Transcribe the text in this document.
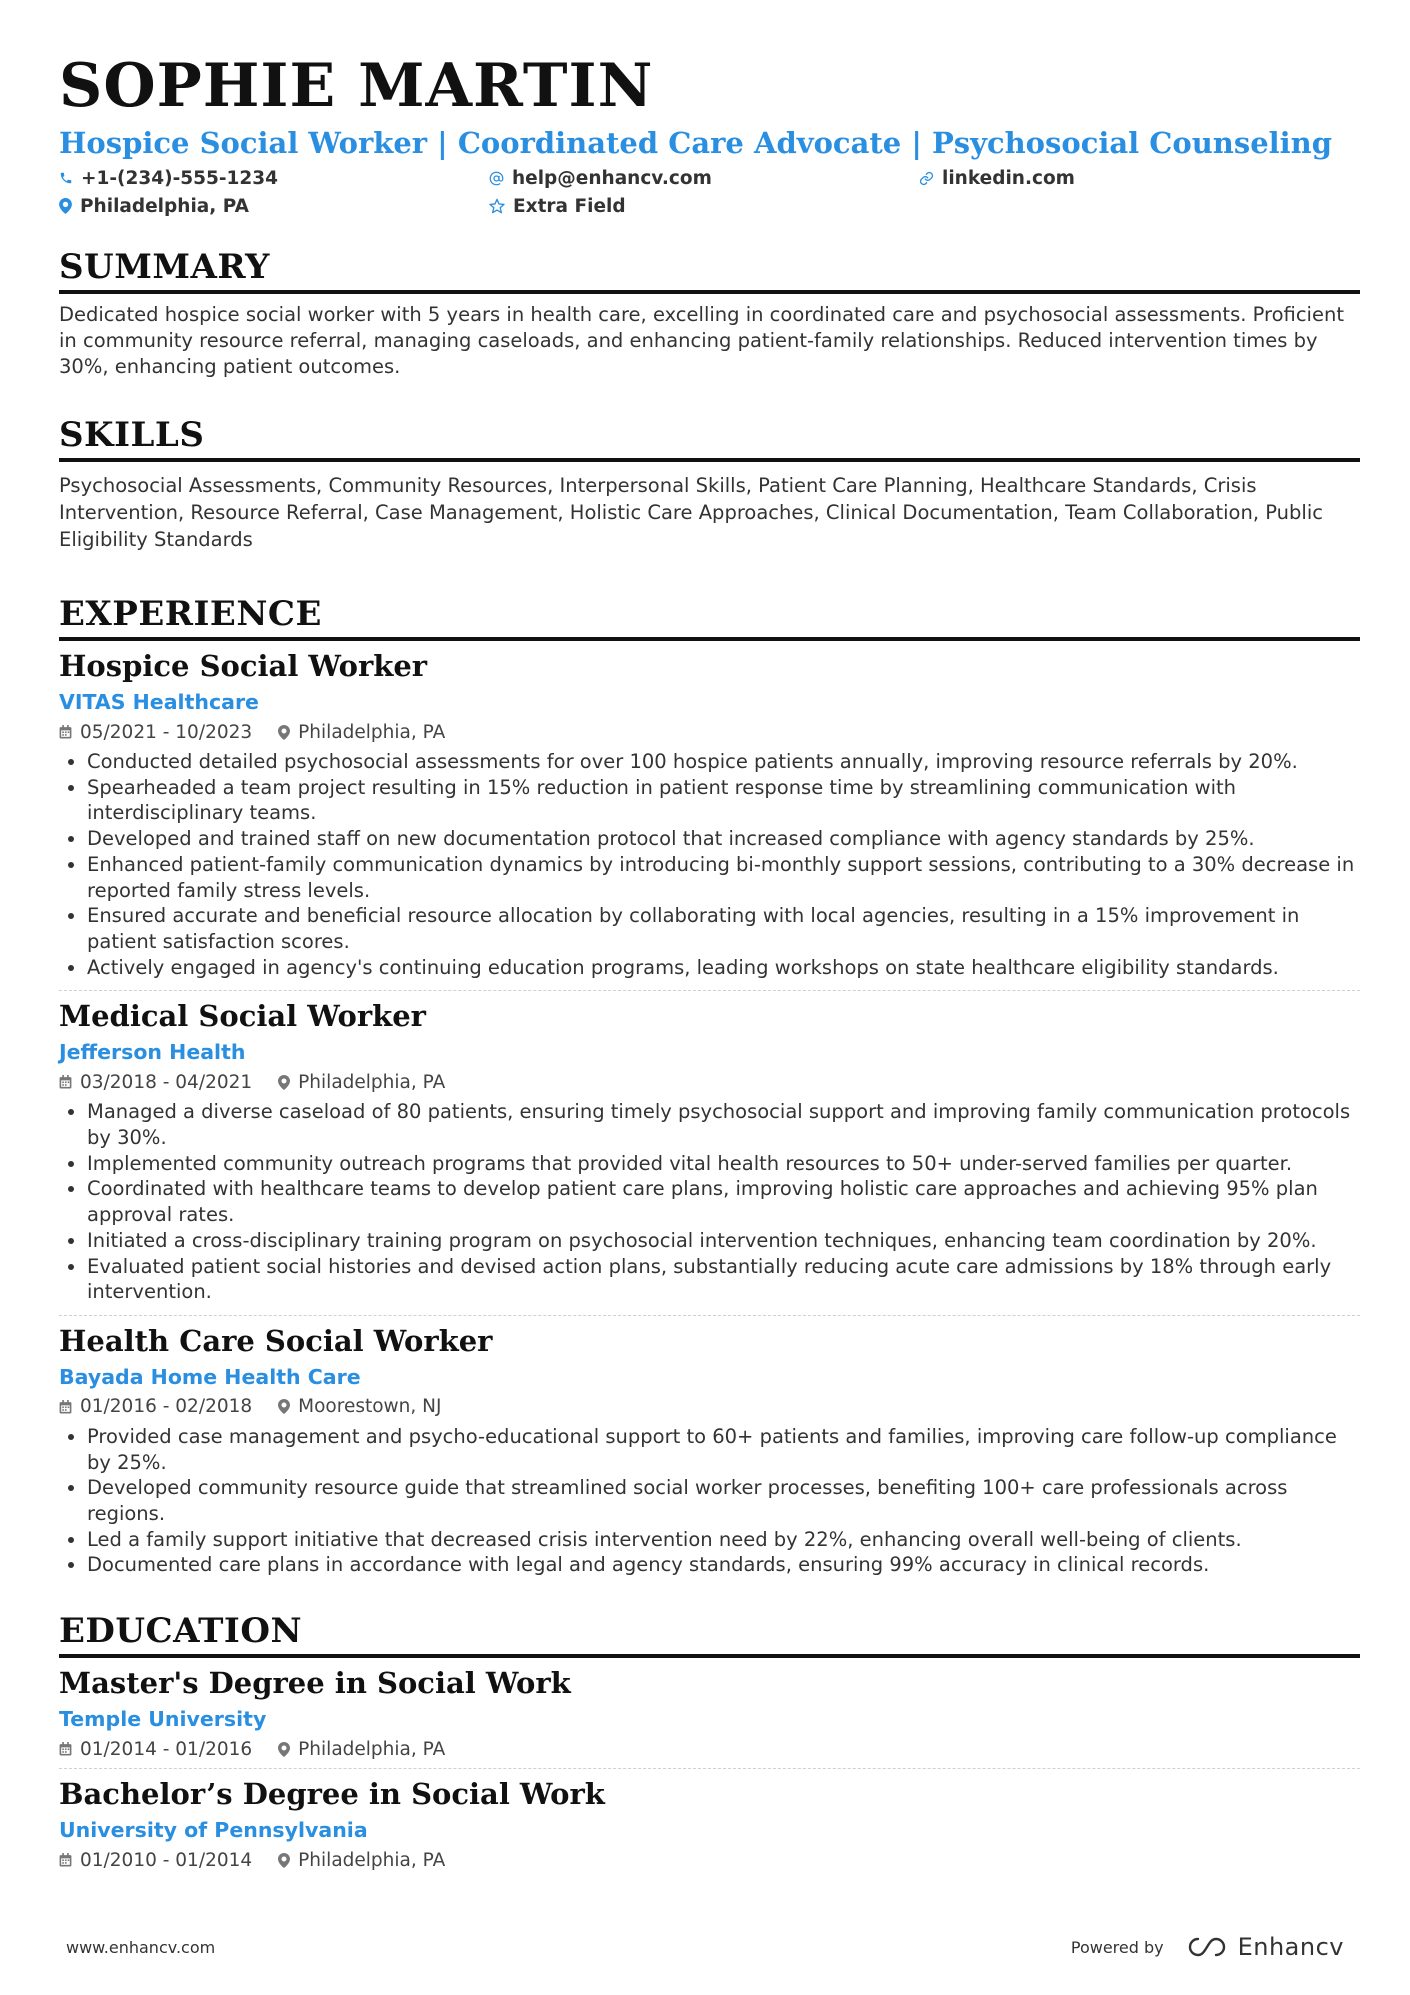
SOPHIE MARTIN
Hospice Social Worker | Coordinated Care Advocate | Psychosocial Counseling
+1-(234)-555-1234	help@enhancv.com	linkedin.com
Philadelphia, PA	Extra Field
SUMMARY

Dedicated hospice social worker with 5 years in health care, excelling in coordinated care and psychosocial assessments. Proficient in community resource referral, managing caseloads, and enhancing patient-family relationships. Reduced intervention times by 30%, enhancing patient outcomes.

SKILLS

Psychosocial Assessments, Community Resources, Interpersonal Skills, Patient Care Planning, Healthcare Standards, Crisis Intervention, Resource Referral, Case Management, Holistic Care Approaches, Clinical Documentation, Team Collaboration, Public Eligibility Standards

EXPERIENCE
Hospice Social Worker
VITAS Healthcare
05/2021 - 10/2023 Philadelphia, PA
• Conducted detailed psychosocial assessments for over 100 hospice patients annually, improving resource referrals by 20%.
• Spearheaded a team project resulting in 15% reduction in patient response time by streamlining communication with interdisciplinary teams.
• Developed and trained staff on new documentation protocol that increased compliance with agency standards by 25%.
• Enhanced patient-family communication dynamics by introducing bi-monthly support sessions, contributing to a 30% decrease in reported family stress levels.
• Ensured accurate and beneficial resource allocation by collaborating with local agencies, resulting in a 15% improvement in patient satisfaction scores.
• Actively engaged in agency's continuing education programs, leading workshops on state healthcare eligibility standards.
Medical Social Worker
Jefferson Health
03/2018 - 04/2021 Philadelphia, PA
• Managed a diverse caseload of 80 patients, ensuring timely psychosocial support and improving family communication protocols by 30%.
• Implemented community outreach programs that provided vital health resources to 50+ under-served families per quarter.
• Coordinated with healthcare teams to develop patient care plans, improving holistic care approaches and achieving 95% plan approval rates.
• Initiated a cross-disciplinary training program on psychosocial intervention techniques, enhancing team coordination by 20%.
• Evaluated patient social histories and devised action plans, substantially reducing acute care admissions by 18% through early intervention.
Health Care Social Worker
Bayada Home Health Care
01/2016 - 02/2018 Moorestown, NJ
• Provided case management and psycho-educational support to 60+ patients and families, improving care follow-up compliance by 25%.
• Developed community resource guide that streamlined social worker processes, benefiting 100+ care professionals across regions.
• Led a family support initiative that decreased crisis intervention need by 22%, enhancing overall well-being of clients.
• Documented care plans in accordance with legal and agency standards, ensuring 99% accuracy in clinical records.
EDUCATION
Master's Degree in Social Work
Temple University
01/2014 - 01/2016 Philadelphia, PA
Bachelor’s Degree in Social Work
University of Pennsylvania
01/2010 - 01/2014 Philadelphia, PA
www.enhancv.com	Powered by	Enhancv
